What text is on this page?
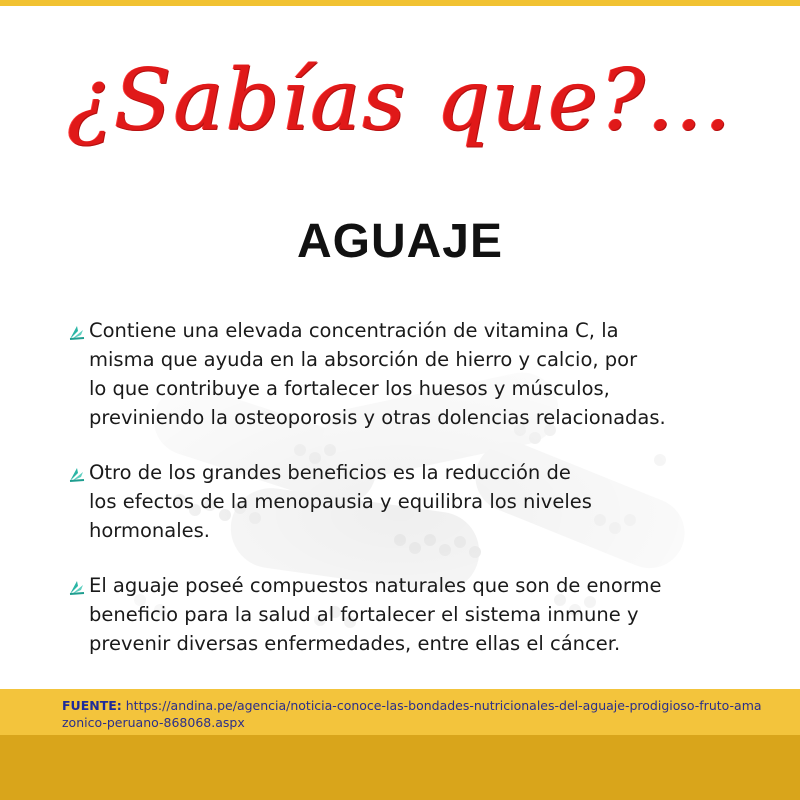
¿Sabías que?...
AGUAJE
Contiene una elevada concentración de vitamina C, la
misma que ayuda en la absorción de hierro y calcio, por
lo que contribuye a fortalecer los huesos y músculos,
previniendo la osteoporosis y otras dolencias relacionadas.
Otro de los grandes beneficios es la reducción de
los efectos de la menopausia y equilibra los niveles
hormonales.
El aguaje poseé compuestos naturales que son de enorme
beneficio para la salud al fortalecer el sistema inmune y
prevenir diversas enfermedades, entre ellas el cáncer.
FUENTE: https://andina.pe/agencia/noticia-conoce-las-bondades-nutricionales-del-aguaje-prodigioso-fruto-amazonico-peruano-868068.aspx
